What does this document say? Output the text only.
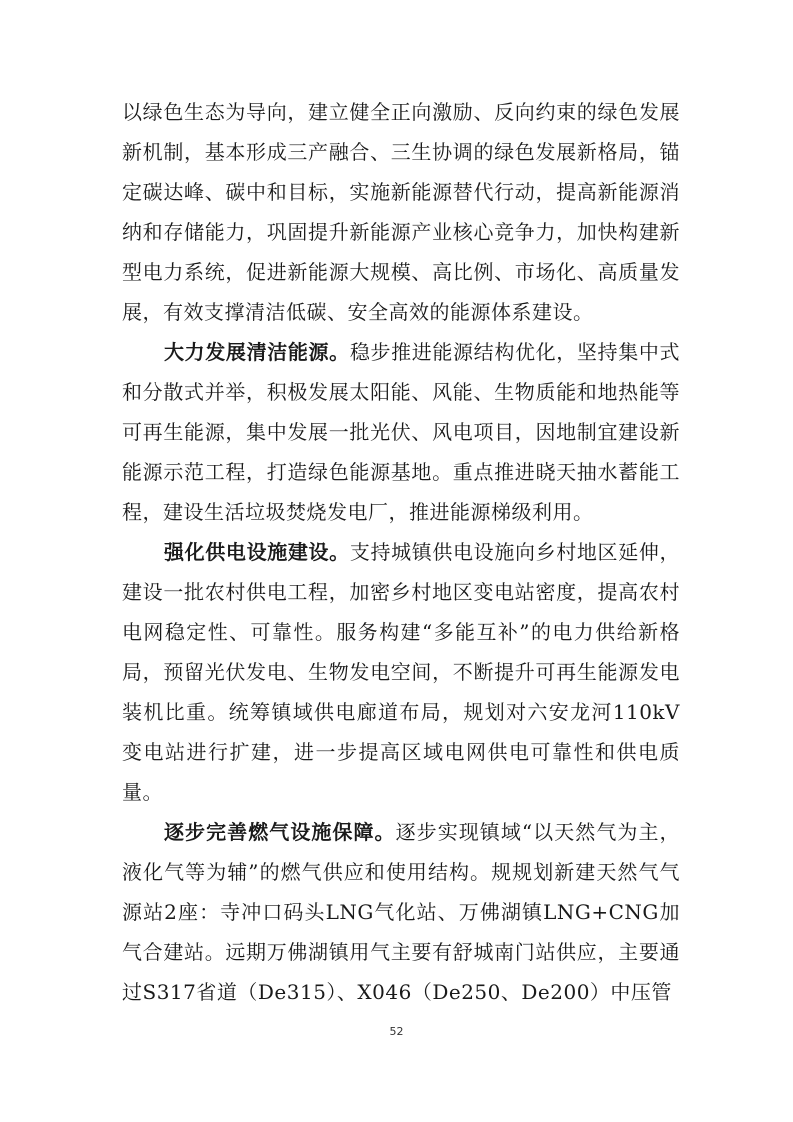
以绿色生态为导向，建立健全正向激励、反向约束的绿色发展新机制，基本形成三产融合、三生协调的绿色发展新格局，锚定碳达峰、碳中和目标，实施新能源替代行动，提高新能源消纳和存储能力，巩固提升新能源产业核心竞争力，加快构建新型电力系统，促进新能源大规模、高比例、市场化、高质量发展，有效支撑清洁低碳、安全高效的能源体系建设。

大力发展清洁能源。稳步推进能源结构优化，坚持集中式和分散式并举，积极发展太阳能、风能、生物质能和地热能等可再生能源，集中发展一批光伏、风电项目，因地制宜建设新能源示范工程，打造绿色能源基地。重点推进晓天抽水蓄能工程，建设生活垃圾焚烧发电厂，推进能源梯级利用。

强化供电设施建设。支持城镇供电设施向乡村地区延伸，建设一批农村供电工程，加密乡村地区变电站密度，提高农村电网稳定性、可靠性。服务构建“多能互补”的电力供给新格局，预留光伏发电、生物发电空间，不断提升可再生能源发电装机比重。统筹镇域供电廊道布局，规划对六安龙河110kV变电站进行扩建，进一步提高区域电网供电可靠性和供电质量。

逐步完善燃气设施保障。逐步实现镇域“以天然气为主，液化气等为辅”的燃气供应和使用结构。规规划新建天然气气源站2座：寺冲口码头LNG气化站、万佛湖镇LNG+CNG加气合建站。远期万佛湖镇用气主要有舒城南门站供应，主要通过S317省道（De315）、X046（De250、De200）中压管

52
